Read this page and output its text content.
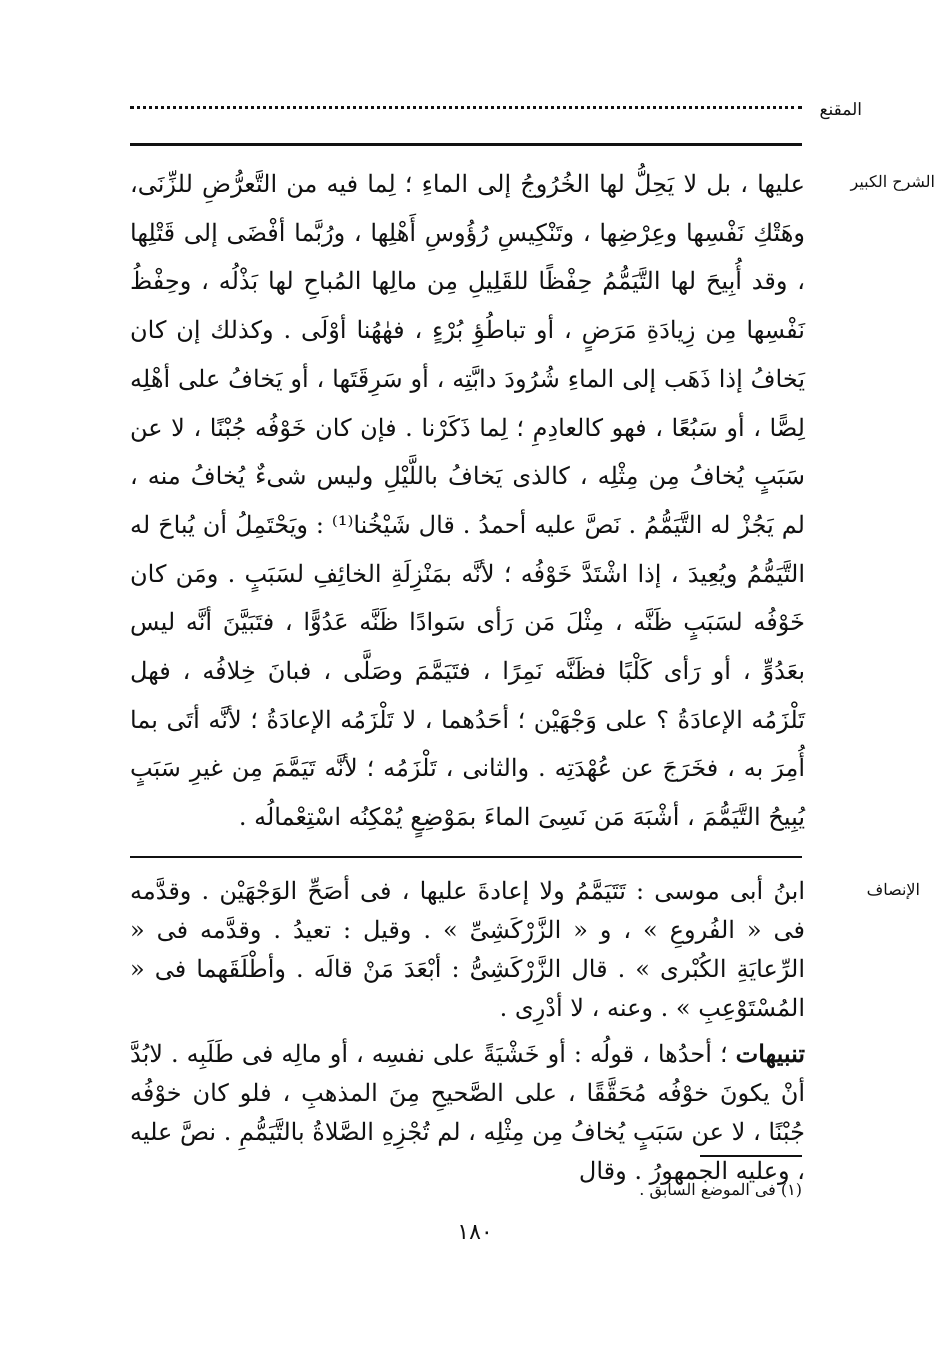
المقنع
الشرح الكبير

عليها ، بل لا يَحِلُّ لها الخُرُوجُ إلى الماءِ ؛ لِما فيه من التَّعرُّضِ للزِّنَى، وهَتْكِ نَفْسِها وعِرْضِها ، وتَنْكِيسِ رُؤُوسِ أَهْلِها ، ورُبَّما أفْضَى إلى قَتْلِها ، وقد أُبِيحَ لها التَّيَمُّمُ حِفْظًا للقَلِيلِ مِن مالِها المُباحِ لها بَذْلُه ، وحِفْظُ نَفْسِها مِن زِيادَةِ مَرَضٍ ، أو تباطُؤِ بُرْءٍ ، فهٰهُنا أوْلَى . وكذلك إن كان يَخافُ إذا ذَهَب إلى الماءِ شُرُودَ دابَّتِه ، أو سَرِقَتَها ، أو يَخافُ على أهْلِه لِصًّا ، أو سَبُعًا ، فهو كالعادِمِ ؛ لِما ذَكَرْنا . فإن كان خَوْفُه جُبْنًا ، لا عن سَبَبٍ يُخافُ مِن مِثْلِه ، كالذى يَخافُ باللَّيْلِ وليس شىءٌ يُخافُ منه ، لم يَجُزْ له التَّيَمُّمُ . نَصَّ عليه أحمدُ . قال شَيْخُنا⁽¹⁾ : ويَحْتَمِلُ أن يُباحَ له التَّيَمُّمُ ويُعِيدَ ، إذا اشْتَدَّ خَوْفُه ؛ لأنَّه بمَنْزِلَةِ الخائِفِ لسَبَبٍ . ومَن كان خَوْفُه لسَبَبٍ ظَنَّه ، مِثْلَ مَن رَأى سَوادًا ظَنَّه عَدُوًّا ، فتَبَيَّنَ أنَّه ليس بعَدُوٍّ ، أو رَأى كَلْبًا فظَنَّه نَمِرًا ، فتَيَمَّمَ وصَلَّى ، فبانَ خِلافُه ، فهل تَلْزَمُه الإعادَةُ ؟ على وَجْهَيْن ؛ أحَدُهما ، لا تَلْزَمُه الإعادَةُ ؛ لأنَّه أتَى بما أُمِرَ به ، فخَرَجَ عن عُهْدَتِه . والثانى ، تَلْزَمُه ؛ لأنَّه تَيَمَّمَ مِن غيرِ سَبَبٍ يُبِيحُ التَّيَمُّمَ ، أشْبَهَ مَن نَسِىَ الماءَ بمَوْضِعٍ يُمْكِنُه اسْتِعْمالُه .

الإنصاف

ابنُ أبى موسى : تَتَيَمَّمُ ولا إعادةَ عليها ، فى أصَحِّ الوَجْهَيْن . وقدَّمه فى « الفُروعِ » ، و « الزَّرْكَشِىِّ » . وقيل : تعيدُ . وقدَّمه فى « الرِّعايَةِ الكُبْرى » . قال الزَّرْكَشِىُّ : أبْعَدَ مَنْ قالَه . وأطْلَقَهما فى « المُسْتَوْعِبِ » . وعنه ، لا أدْرِى .

تنبيهات ؛ أحدُها ، قولُه : أو خَشْيَةً على نفسِه ، أو مالِه فى طَلَبِه . لابُدَّ أنْ يكونَ خوْفُه مُحَقَّقًا ، على الصَّحيحِ مِنَ المذهبِ ، فلو كان خوْفُه جُبْنًا ، لا عن سَبَبٍ يُخافُ مِن مِثْلِه ، لم تُجْزِهِ الصَّلاةُ بالتَّيَمُّمِ . نصَّ عليه ، وعليه الجمهورُ . وقال

(١) فى الموضع السابق .
١٨٠
